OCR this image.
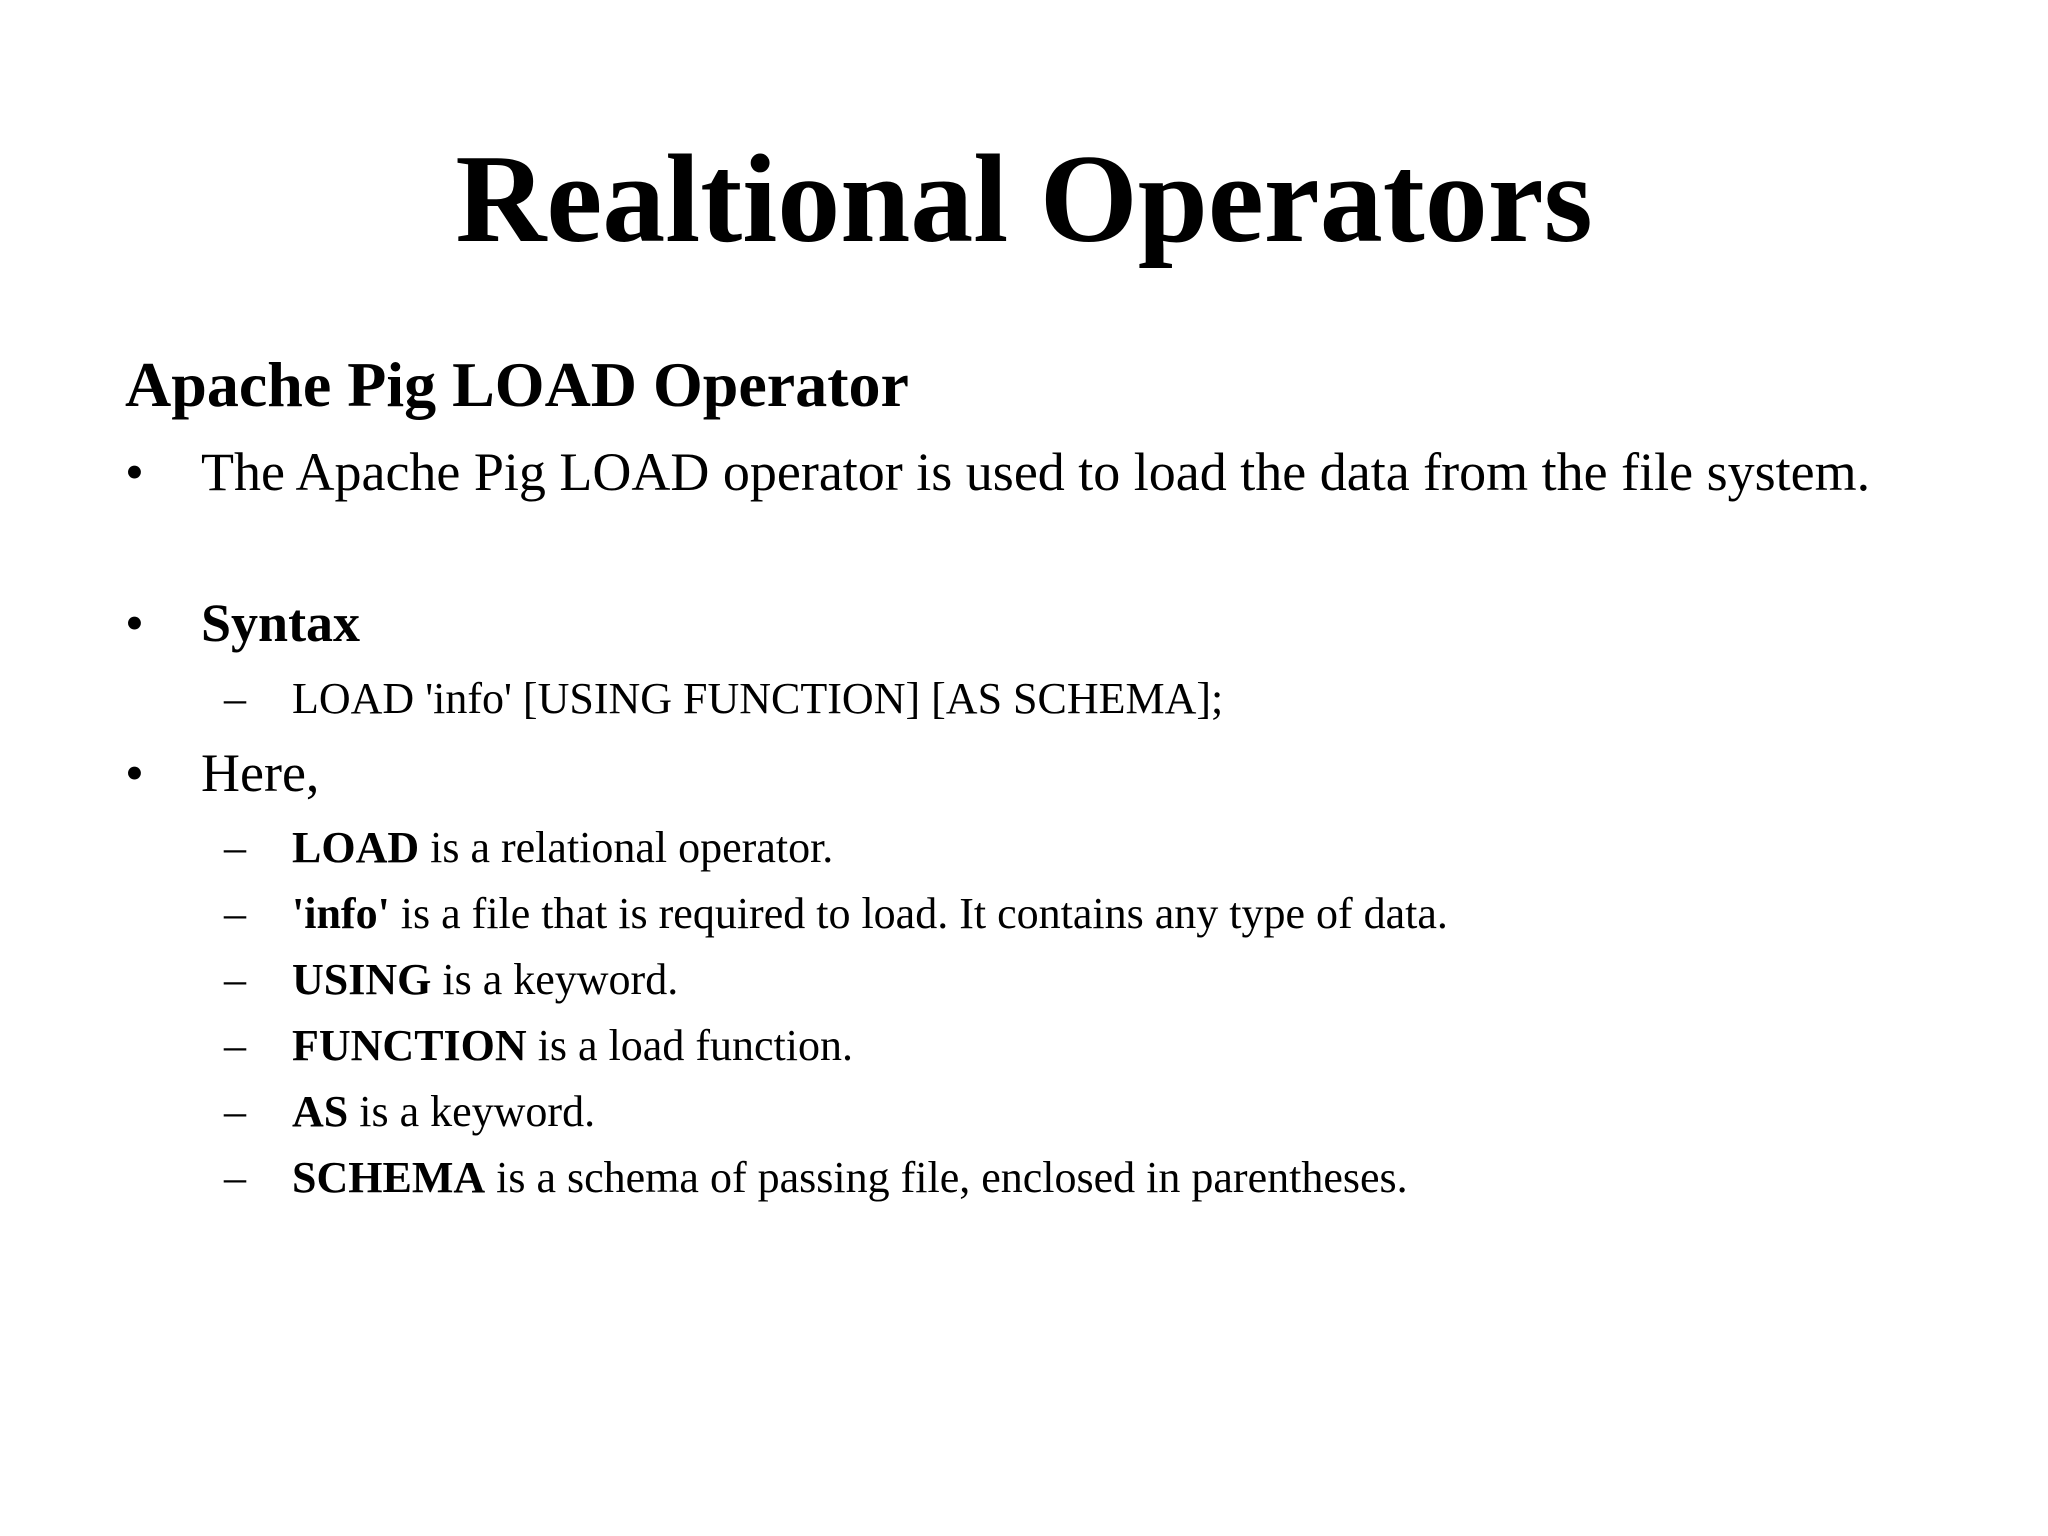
Realtional Operators
Apache Pig LOAD Operator
•	The Apache Pig LOAD operator is used to load the data from the file system.
•	Syntax
–	LOAD 'info' [USING FUNCTION] [AS SCHEMA];
•	Here,
–	LOAD is a relational operator.
–	'info' is a file that is required to load. It contains any type of data.
–	USING is a keyword.
–	FUNCTION is a load function.
–	AS is a keyword.
–	SCHEMA is a schema of passing file, enclosed in parentheses.
